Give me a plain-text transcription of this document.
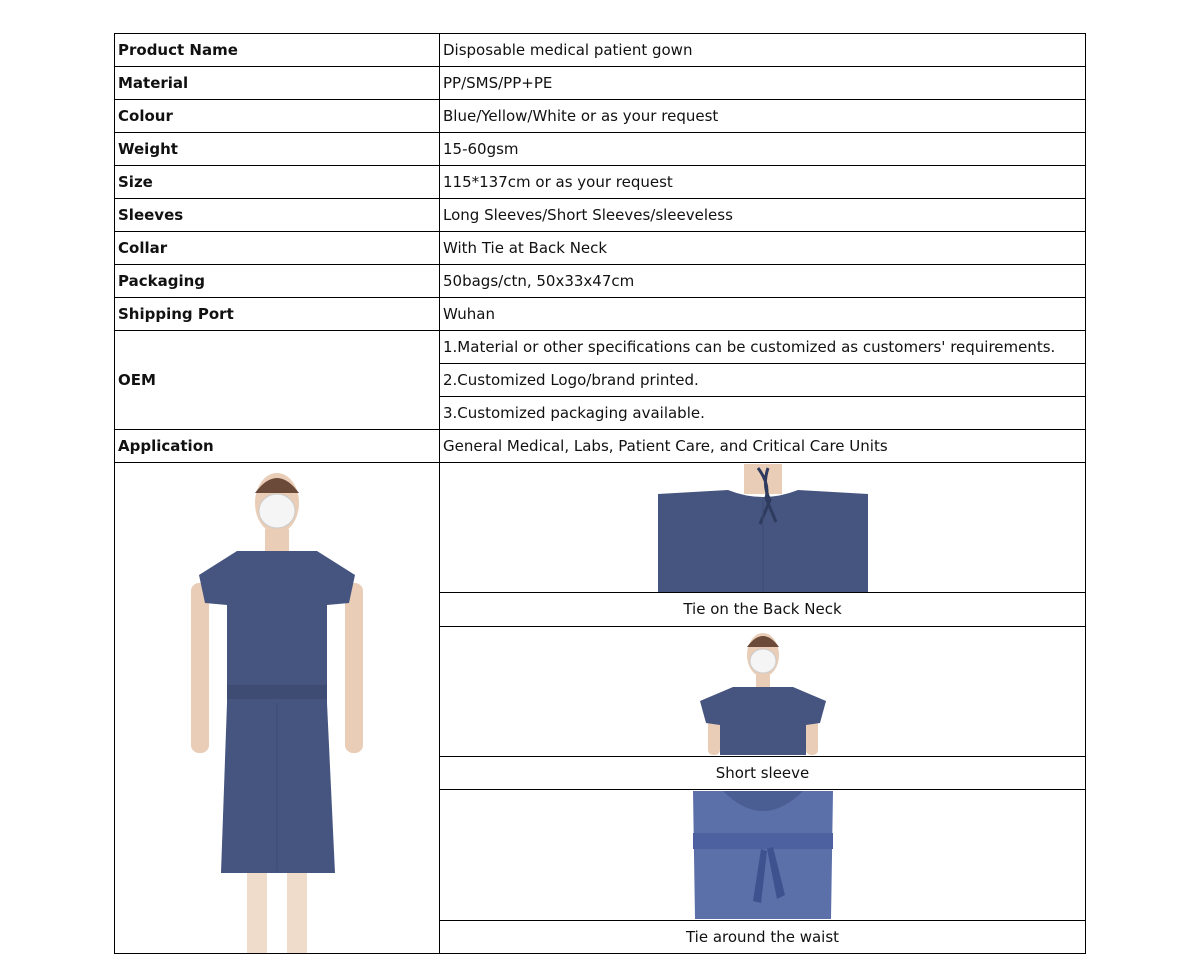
Product Name	Disposable medical patient gown
Material	PP/SMS/PP+PE
Colour	Blue/Yellow/White or as your request
Weight	15-60gsm
Size	115*137cm or as your request
Sleeves	Long Sleeves/Short Sleeves/sleeveless
Collar	With Tie at Back Neck
Packaging	50bags/ctn, 50x33x47cm
Shipping Port	Wuhan
OEM	1.Material or other specifications can be customized as customers' requirements.
	2.Customized Logo/brand printed.
	3.Customized packaging available.
Application	General Medical, Labs, Patient Care, and Critical Care Units

	Tie on the Back Neck

	Short sleeve

	Tie around the waist
